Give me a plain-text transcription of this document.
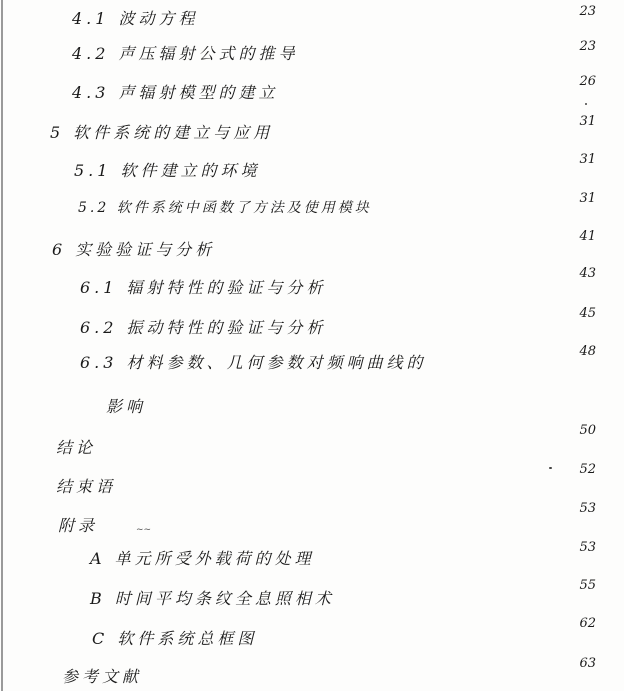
4.1 波动方程	23
4.2 声压辐射公式的推导	23
4.3 声辐射模型的建立
26
5 软件系统的建立与应用
31
5.1 软件建立的环境
31
5.2 软件系统中函数了方法及使用模块
31
6 实验验证与分析
41
6.1 辐射特性的验证与分析
43
6.2 振动特性的验证与分析
45
6.3 材料参数、几何参数对频响曲线的
48
影响
结论
50
结束语
52
附录
53
A 单元所受外载荷的处理
53
B 时间平均条纹全息照相术
55
C 软件系统总框图
62
参考文献
63
~~
